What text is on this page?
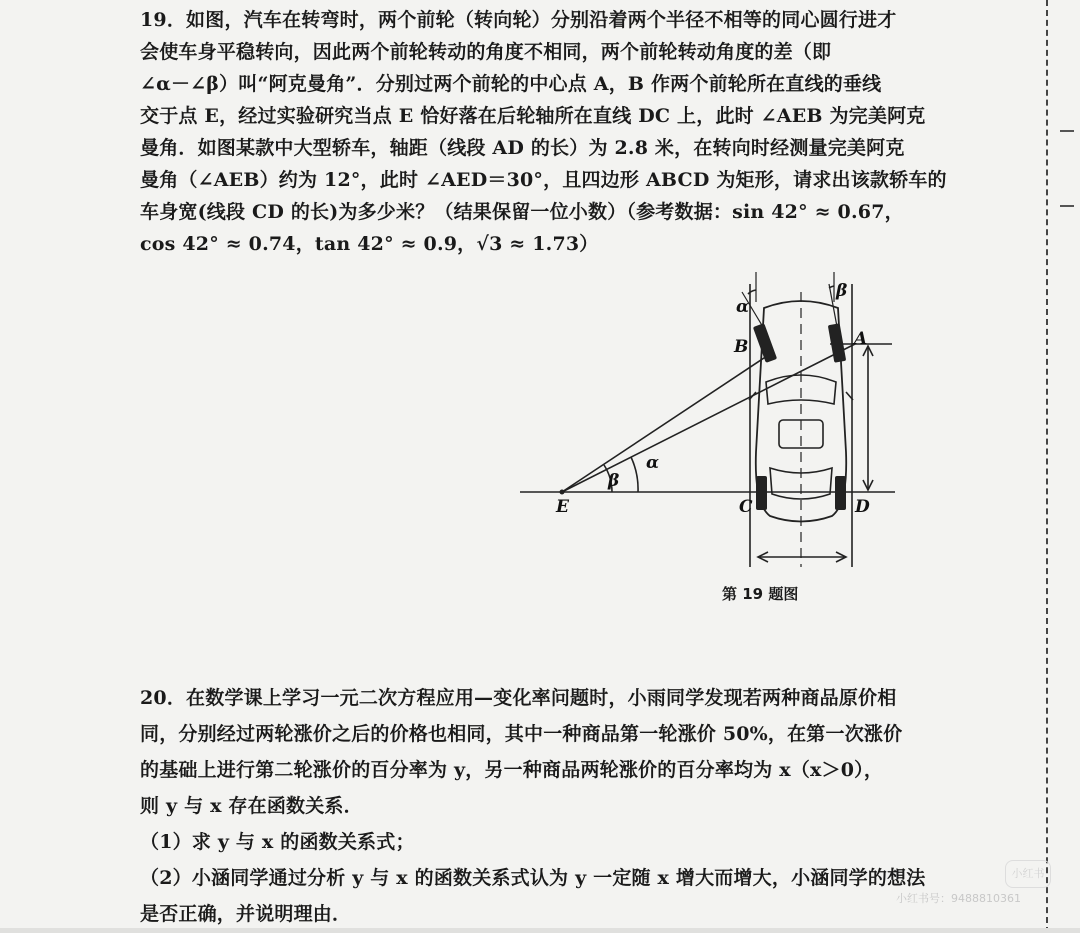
19．如图，汽车在转弯时，两个前轮（转向轮）分别沿着两个半径不相等的同心圆行进才

会使车身平稳转向，因此两个前轮转动的角度不相同，两个前轮转动角度的差（即

∠α－∠β）叫“阿克曼角”．分别过两个前轮的中心点 A，B 作两个前轮所在直线的垂线

交于点 E，经过实验研究当点 E 恰好落在后轮轴所在直线 DC 上，此时 ∠AEB 为完美阿克

曼角．如图某款中大型轿车，轴距（线段 AD 的长）为 2.8 米，在转向时经测量完美阿克

曼角（∠AEB）约为 12°，此时 ∠AED＝30°，且四边形 ABCD 为矩形，请求出该款轿车的

车身宽(线段 CD 的长)为多少米？（结果保留一位小数）（参考数据：sin 42° ≈ 0.67，

cos 42° ≈ 0.74，tan 42° ≈ 0.9，√3 ≈ 1.73）

α
β
A
B
C	D
E
α
β
第 19 题图

20．在数学课上学习一元二次方程应用—变化率问题时，小雨同学发现若两种商品原价相

同，分别经过两轮涨价之后的价格也相同，其中一种商品第一轮涨价 50%，在第一次涨价

的基础上进行第二轮涨价的百分率为 y，另一种商品两轮涨价的百分率均为 x（x＞0），

则 y 与 x 存在函数关系．

（1）求 y 与 x 的函数关系式；

（2）小涵同学通过分析 y 与 x 的函数关系式认为 y 一定随 x 增大而增大，小涵同学的想法

是否正确，并说明理由．

小红书
小红书号：9488810361
